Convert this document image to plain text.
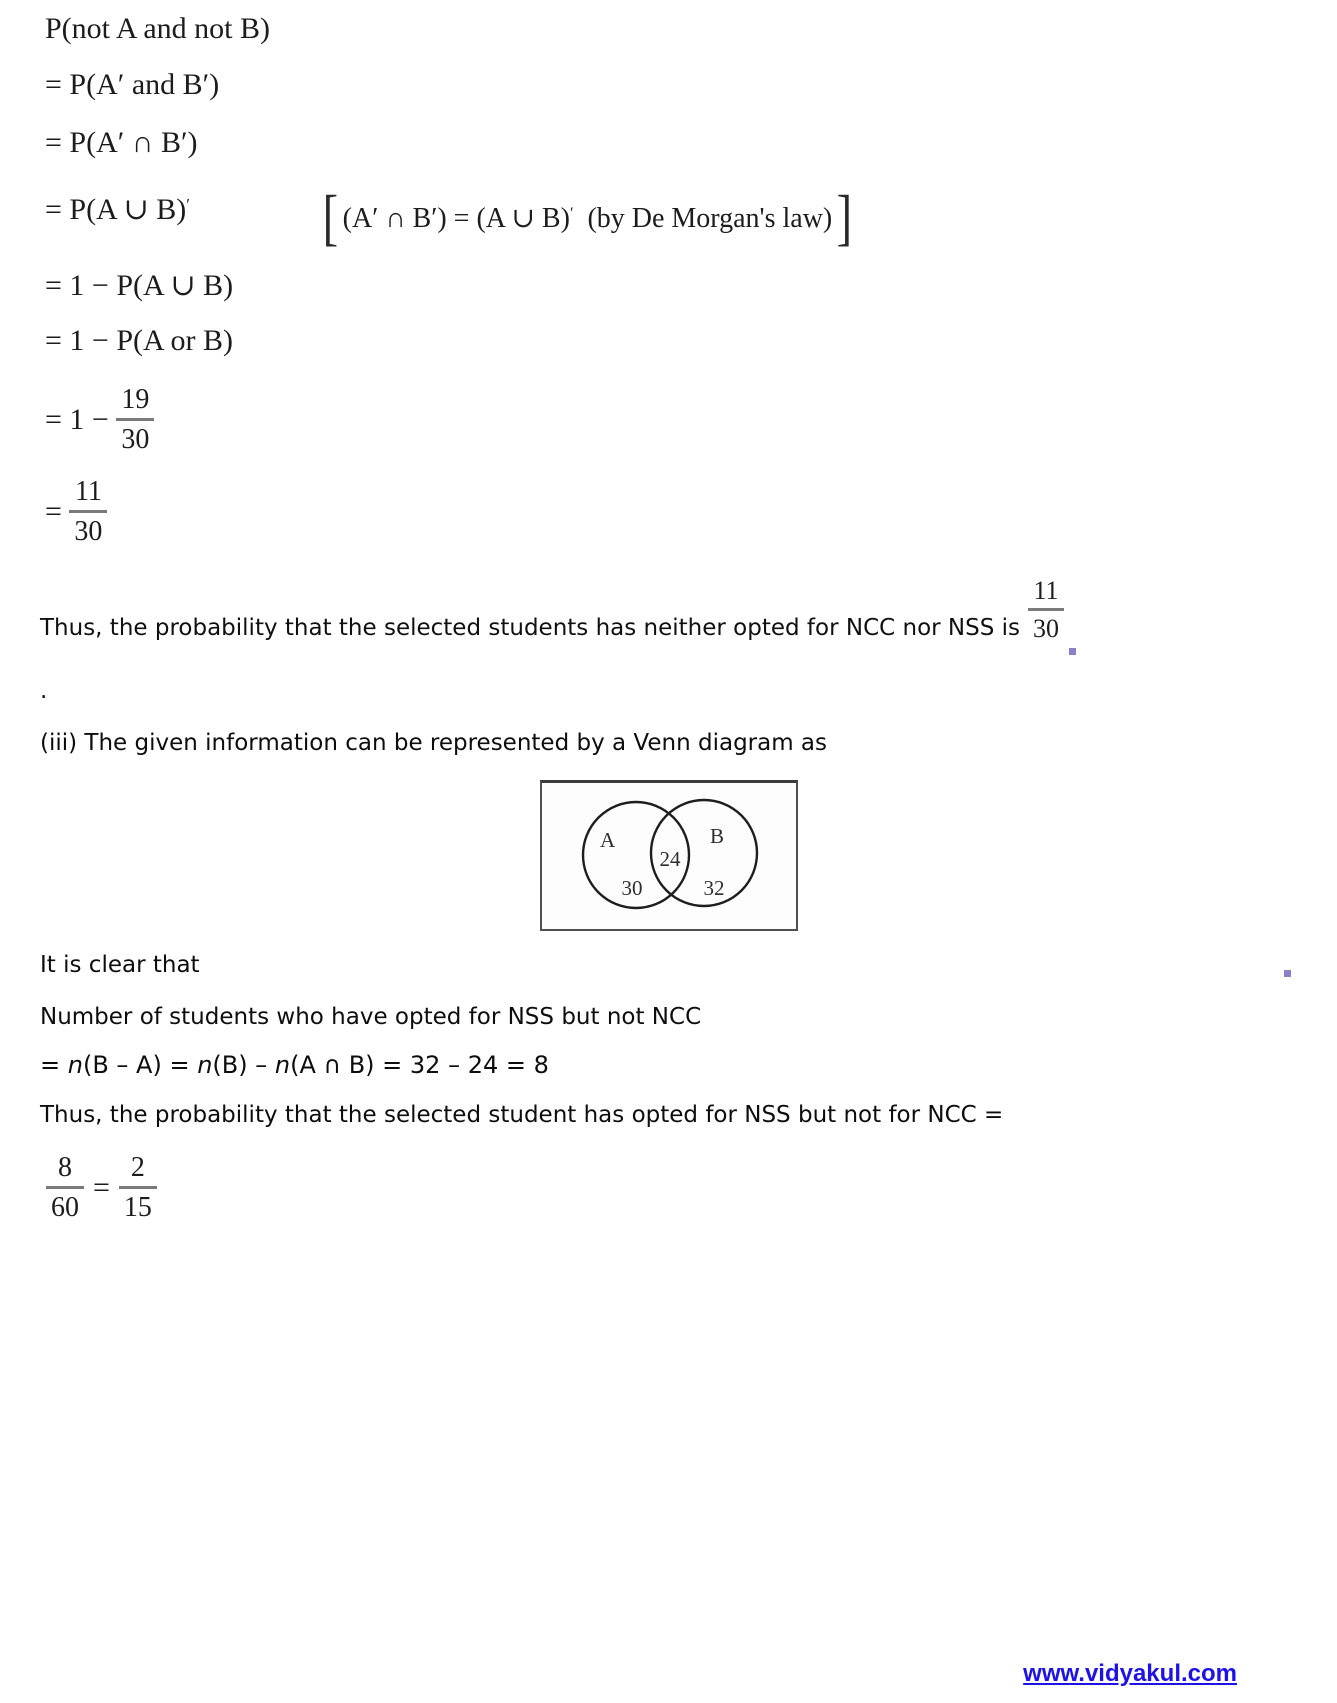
P(not A and not B)
= P(A′ and B′)
= P(A′ ∩ B′)
= P(A ∪ B)′ [ (A′ ∩ B′) = (A ∪ B)′  (by De Morgan's law) ]
= 1 − P(A ∪ B)
= 1 − P(A or B)
= $1 - \frac{19}{30}$
= $\frac{11}{30}$
Thus, the probability that the selected students has neither opted for NCC nor NSS is $\frac{11}{30}$
.
(iii) The given information can be represented by a Venn diagram as
A	B
24
30	32
It is clear that
Number of students who have opted for NSS but not NCC
= n(B – A) = n(B) – n(A ∩ B) = 32 – 24 = 8
Thus, the probability that the selected student has opted for NSS but not for NCC =
$\frac{8}{60} = \frac{2}{15}$
www.vidyakul.com
